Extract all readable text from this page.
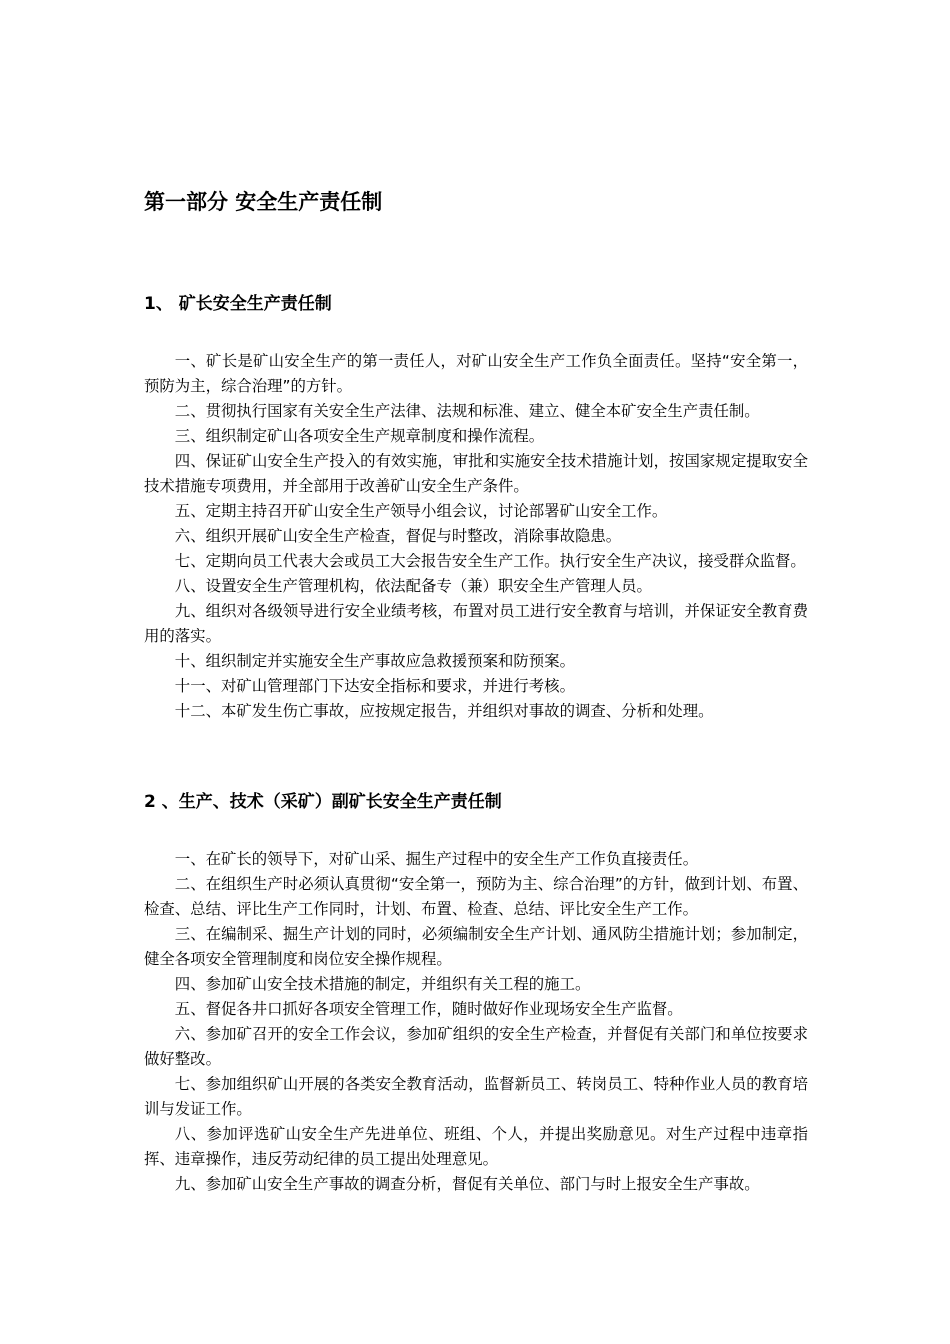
第一部分 安全生产责任制
1、 矿长安全生产责任制

一、矿长是矿山安全生产的第一责任人，对矿山安全生产工作负全面责任。坚持“安全第一，预防为主，综合治理”的方针。

二、贯彻执行国家有关安全生产法律、法规和标准、建立、健全本矿安全生产责任制。

三、组织制定矿山各项安全生产规章制度和操作流程。

四、保证矿山安全生产投入的有效实施，审批和实施安全技术措施计划，按国家规定提取安全技术措施专项费用，并全部用于改善矿山安全生产条件。

五、定期主持召开矿山安全生产领导小组会议，讨论部署矿山安全工作。

六、组织开展矿山安全生产检查，督促与时整改，消除事故隐患。

七、定期向员工代表大会或员工大会报告安全生产工作。执行安全生产决议，接受群众监督。

八、设置安全生产管理机构，依法配备专（兼）职安全生产管理人员。

九、组织对各级领导进行安全业绩考核，布置对员工进行安全教育与培训，并保证安全教育费用的落实。

十、组织制定并实施安全生产事故应急救援预案和防预案。

十一、对矿山管理部门下达安全指标和要求，并进行考核。

十二、本矿发生伤亡事故，应按规定报告，并组织对事故的调查、分析和处理。

2 、生产、技术（采矿）副矿长安全生产责任制

一、在矿长的领导下，对矿山采、掘生产过程中的安全生产工作负直接责任。

二、在组织生产时必须认真贯彻“安全第一，预防为主、综合治理”的方针，做到计划、布置、检查、总结、评比生产工作同时，计划、布置、检查、总结、评比安全生产工作。

三、在编制采、掘生产计划的同时，必须编制安全生产计划、通风防尘措施计划；参加制定，健全各项安全管理制度和岗位安全操作规程。

四、参加矿山安全技术措施的制定，并组织有关工程的施工。

五、督促各井口抓好各项安全管理工作，随时做好作业现场安全生产监督。

六、参加矿召开的安全工作会议，参加矿组织的安全生产检查，并督促有关部门和单位按要求做好整改。

七、参加组织矿山开展的各类安全教育活动，监督新员工、转岗员工、特种作业人员的教育培训与发证工作。

八、参加评选矿山安全生产先进单位、班组、个人，并提出奖励意见。对生产过程中违章指挥、违章操作，违反劳动纪律的员工提出处理意见。

九、参加矿山安全生产事故的调查分析，督促有关单位、部门与时上报安全生产事故。
